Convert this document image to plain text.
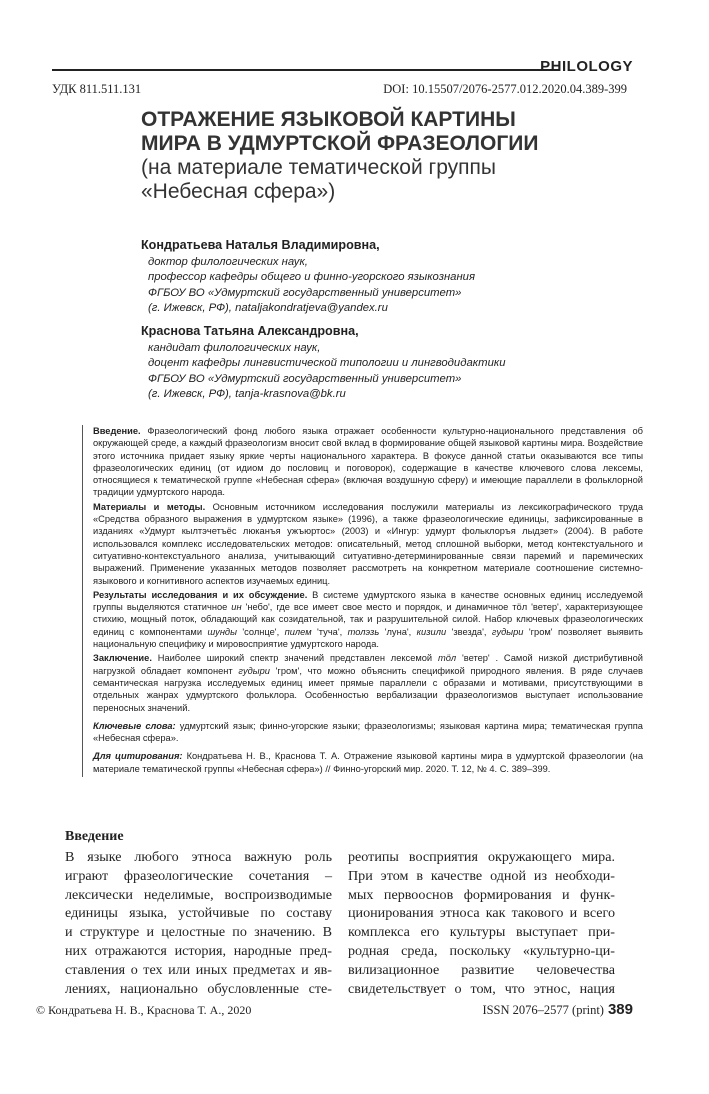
PHILOLOGY
УДК 811.511.131	DOI: 10.15507/2076-2577.012.2020.04.389-399
ОТРАЖЕНИЕ ЯЗЫКОВОЙ КАРТИНЫ
МИРА В УДМУРТСКОЙ ФРАЗЕОЛОГИИ
(на материале тематической группы
«Небесная сфера»)
Кондратьева Наталья Владимировна,
доктор филологических наук,
профессор кафедры общего и финно-угорского языкознания
ФГБОУ ВО «Удмуртский государственный университет»
(г. Ижевск, РФ), nataljakondratjeva@yandex.ru
Краснова Татьяна Александровна,
кандидат филологических наук,
доцент кафедры лингвистической типологии и лингводидактики
ФГБОУ ВО «Удмуртский государственный университет»
(г. Ижевск, РФ), tanja-krasnova@bk.ru

Введение. Фразеологический фонд любого языка отражает особенности культурно-национального представления об окружающей среде, а каждый фразеологизм вносит свой вклад в формирование общей языковой картины мира. Воздействие этого источника придает языку яркие черты национального характера. В фокусе данной статьи оказываются все типы фразеологических единиц (от идиом до пословиц и поговорок), содержащие в качестве ключевого слова лексемы, относящиеся к тематической группе «Небесная сфера» (включая воздушную сферу) и имеющие параллели в фольклорной традиции удмуртского народа.

Материалы и методы. Основным источником исследования послужили материалы из лексикографического труда «Средства образного выражения в удмуртском языке» (1996), а также фразеологические единицы, зафиксированные в изданиях «Удмурт кылтэчетъёс люканъя ужъюртос» (2003) и «Ингур: удмурт фольклоръя лыдзет» (2004). В работе использовался комплекс исследовательских методов: описательный, метод сплошной выборки, метод контекстуального и ситуативно-контекстуального анализа, учитывающий ситуативно-детерминированные связи паремий и паремических выражений. Применение указанных методов позволяет рассмотреть на конкретном материале соотношение системно-языкового и когнитивного аспектов изучаемых единиц.

Результаты исследования и их обсуждение. В системе удмуртского языка в качестве основных единиц исследуемой группы выделяются статичное ин 'небо', где все имеет свое место и порядок, и динамичное тöл 'ветер', характеризующее стихию, мощный поток, обладающий как созидательной, так и разрушительной силой. Набор ключевых фразеологических единиц с компонентами шунды 'солнце', пилем 'туча', толэзь 'луна', кизили 'звезда', гудыри 'гром' позволяет выявить национальную специфику и мировосприятие удмуртского народа.

Заключение. Наиболее широкий спектр значений представлен лексемой тöл 'ветер' . Самой низкой дистрибутивной нагрузкой обладает компонент гудыри 'гром', что можно объяснить спецификой природного явления. В ряде случаев семантическая нагрузка исследуемых единиц имеет прямые параллели с образами и мотивами, присутствующими в отдельных жанрах удмуртского фольклора. Особенностью вербализации фразеологизмов выступает использование переносных значений.

Ключевые слова: удмуртский язык; финно-угорские языки; фразеологизмы; языковая картина мира; тематическая группа «Небесная сфера».

Для цитирования: Кондратьева Н. В., Краснова Т. А. Отражение языковой картины мира в удмуртской фразеологии (на материале тематической группы «Небесная сфера») // Финно-угорский мир. 2020. Т. 12, № 4. С. 389–399.

Введение
В языке любого этноса важную роль
играют фразеологические сочетания –
лексически неделимые, воспроизводимые
единицы языка, устойчивые по составу
и структуре и целостные по значению. В
них отражаются история, народные пред-
ставления о тех или иных предметах и яв-
лениях, национально обусловленные сте-
реотипы восприятия окружающего мира.
При этом в качестве одной из необходи-
мых первооснов формирования и функ-
ционирования этноса как такового и всего
комплекса его культуры выступает при-
родная среда, поскольку «культурно-ци-
вилизационное развитие человечества
свидетельствует о том, что этнос, нация
© Кондратьева Н. В., Краснова Т. А., 2020	ISSN 2076–2577 (print) 389
